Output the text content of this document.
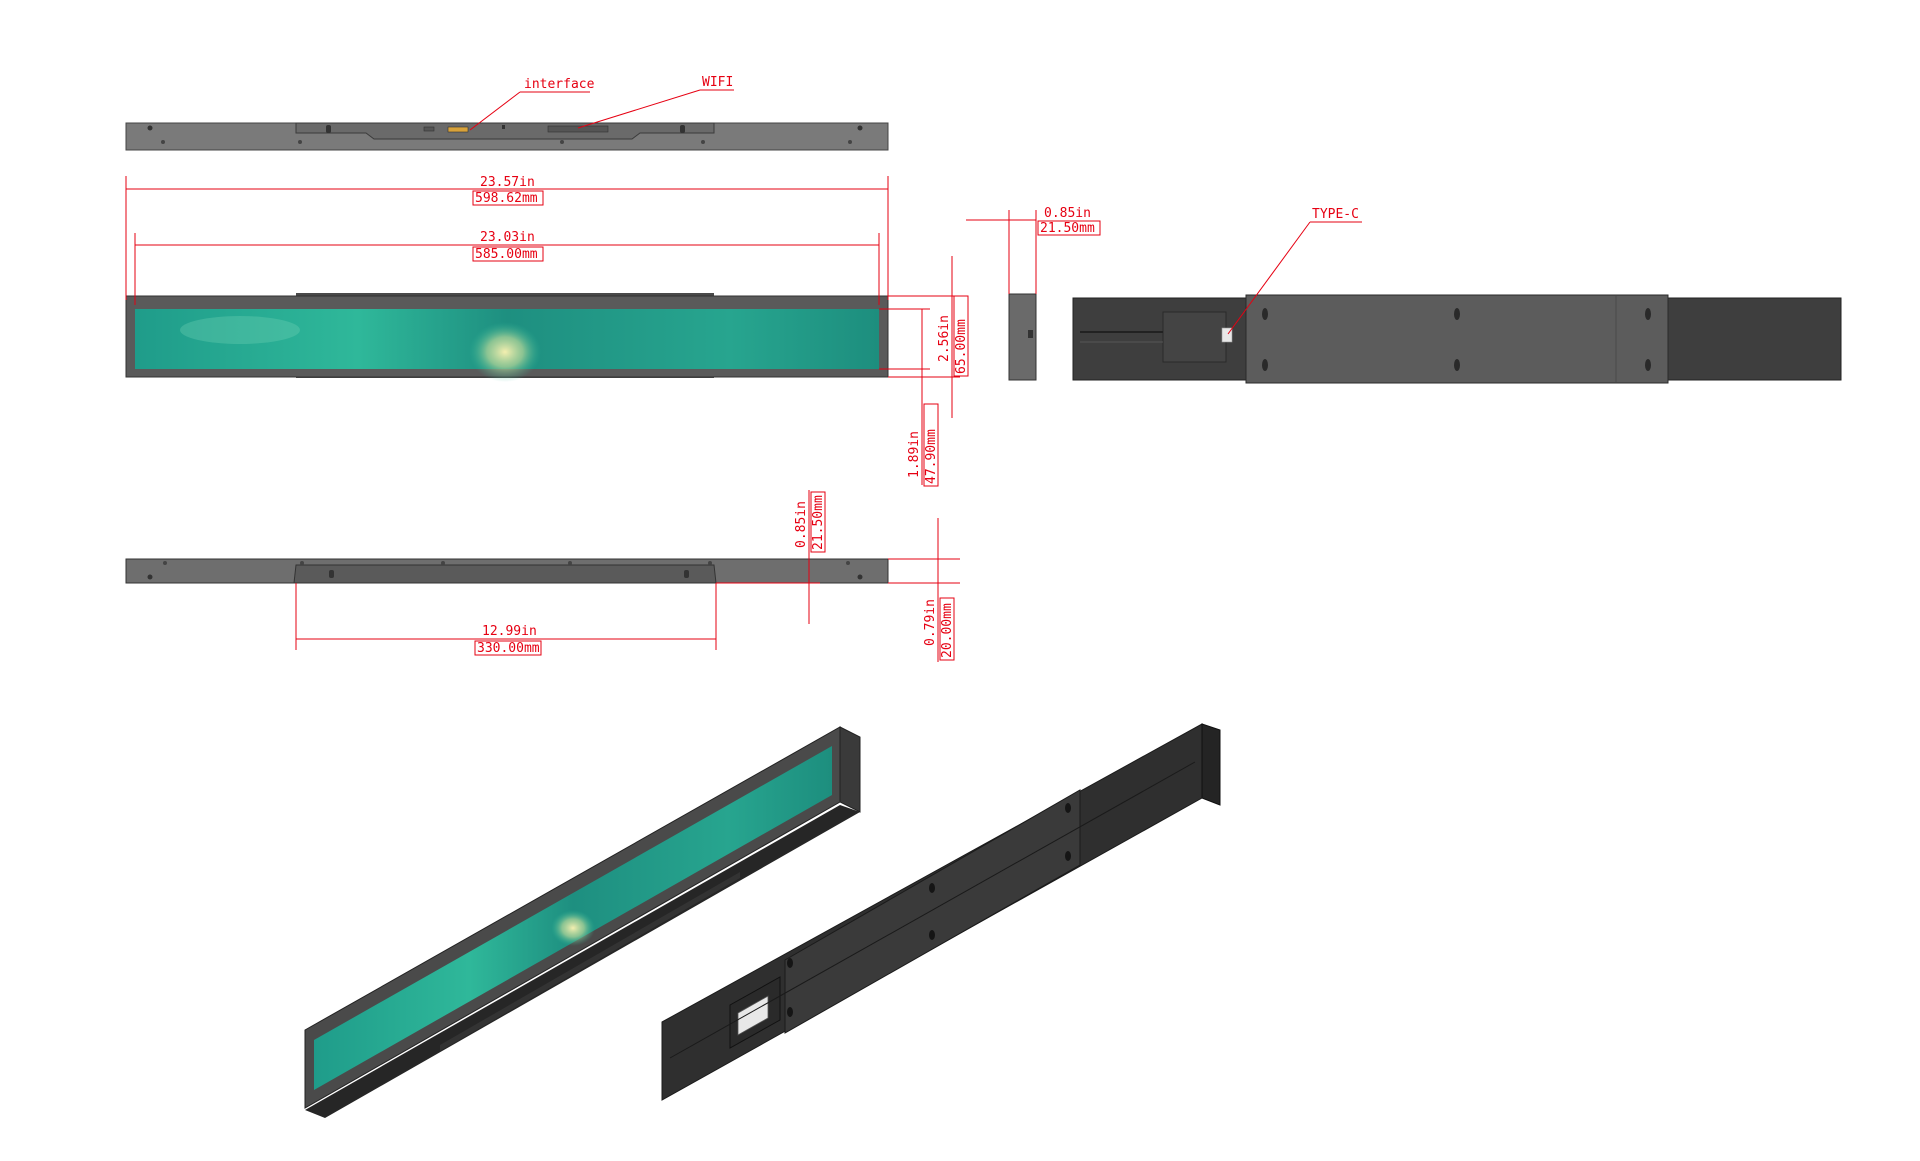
interface	WIFI
23.57in
598.62mm
23.03in
585.00mm
2.56in 65.00mm
1.89in 47.90mm
0.85in
21.50mm
TYPE-C
12.99in
330.00mm
0.85in 21.50mm
0.79in 20.00mm
